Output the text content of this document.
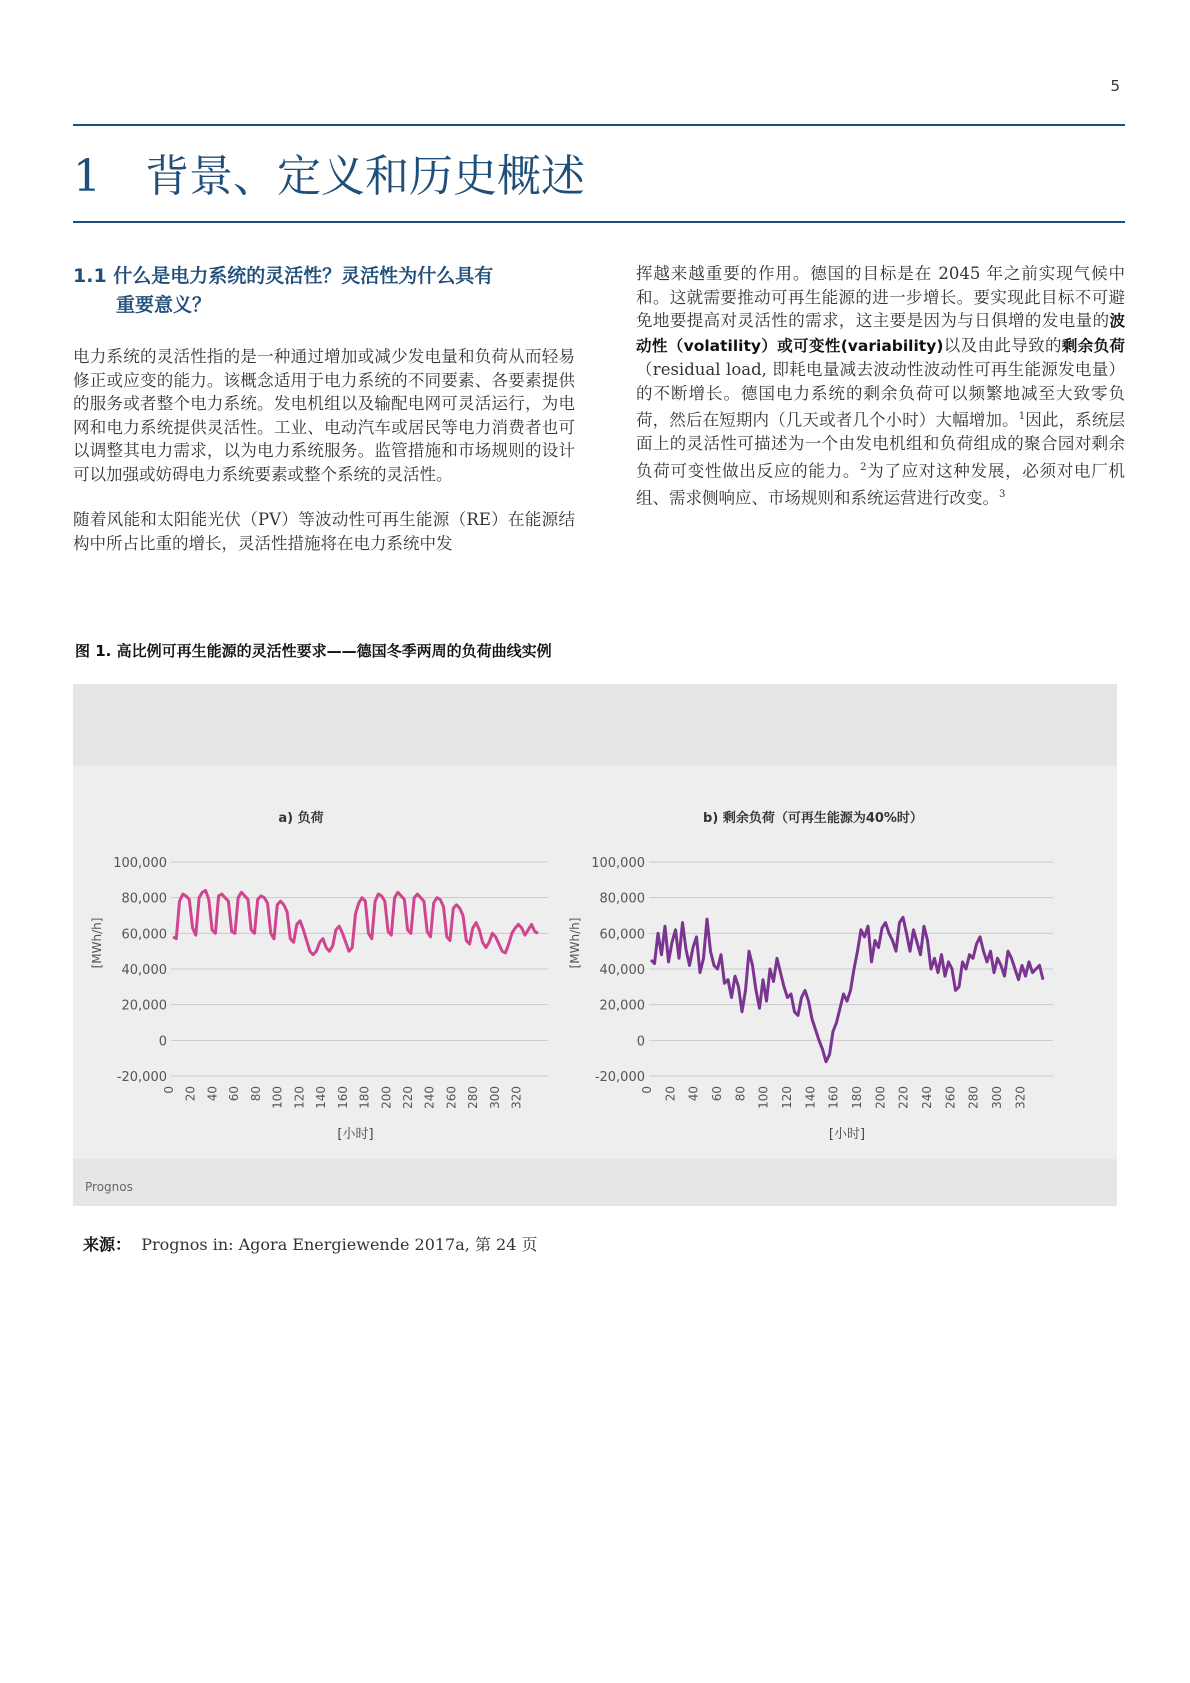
5
1 背景、定义和历史概述
1.1 什么是电力系统的灵活性？灵活性为什么具有
重要意义？

电力系统的灵活性指的是一种通过增加或减少发电量和负荷从而轻易修正或应变的能力。该概念适用于电力系统的不同要素、各要素提供的服务或者整个电力系统。发电机组以及输配电网可灵活运行，为电网和电力系统提供灵活性。工业、电动汽车或居民等电力消费者也可以调整其电力需求，以为电力系统服务。监管措施和市场规则的设计可以加强或妨碍电力系统要素或整个系统的灵活性。

随着风能和太阳能光伏（PV）等波动性可再生能源（RE）在能源结构中所占比重的增长，灵活性措施将在电力系统中发

挥越来越重要的作用。德国的目标是在 2045 年之前实现气候中和。这就需要推动可再生能源的进一步增长。要实现此目标不可避免地要提高对灵活性的需求，这主要是因为与日俱增的发电量的波动性（volatility）或可变性(variability)以及由此导致的剩余负荷（residual load, 即耗电量减去波动性波动性可再生能源发电量）的不断增长。德国电力系统的剩余负荷可以频繁地减至大致零负荷，然后在短期内（几天或者几个小时）大幅增加。$^1$因此，系统层面上的灵活性可描述为一个由发电机组和负荷组成的聚合园对剩余负荷可变性做出反应的能力。$^2$为了应对这种发展，必须对电厂机组、需求侧响应、市场规则和系统运营进行改变。$^3$

图 1. 高比例可再生能源的灵活性要求——德国冬季两周的负荷曲线实例
a) 负荷
-20,000
0
20,000
40,000
60,000
80,000
100,000
[MWh/h]
0 20 40 60 80 100 120 140 160 180 200 220 240 260 280 300 320
[小时]
b) 剩余负荷（可再生能源为40%时）
-20,000
0
20,000
40,000
60,000
80,000
100,000
[MWh/h]
0 20 40 60 80 100 120 140 160 180 200 220 240 260 280 300 320
[小时]
Prognos
来源： Prognos in: Agora Energiewende 2017a, 第 24 页
